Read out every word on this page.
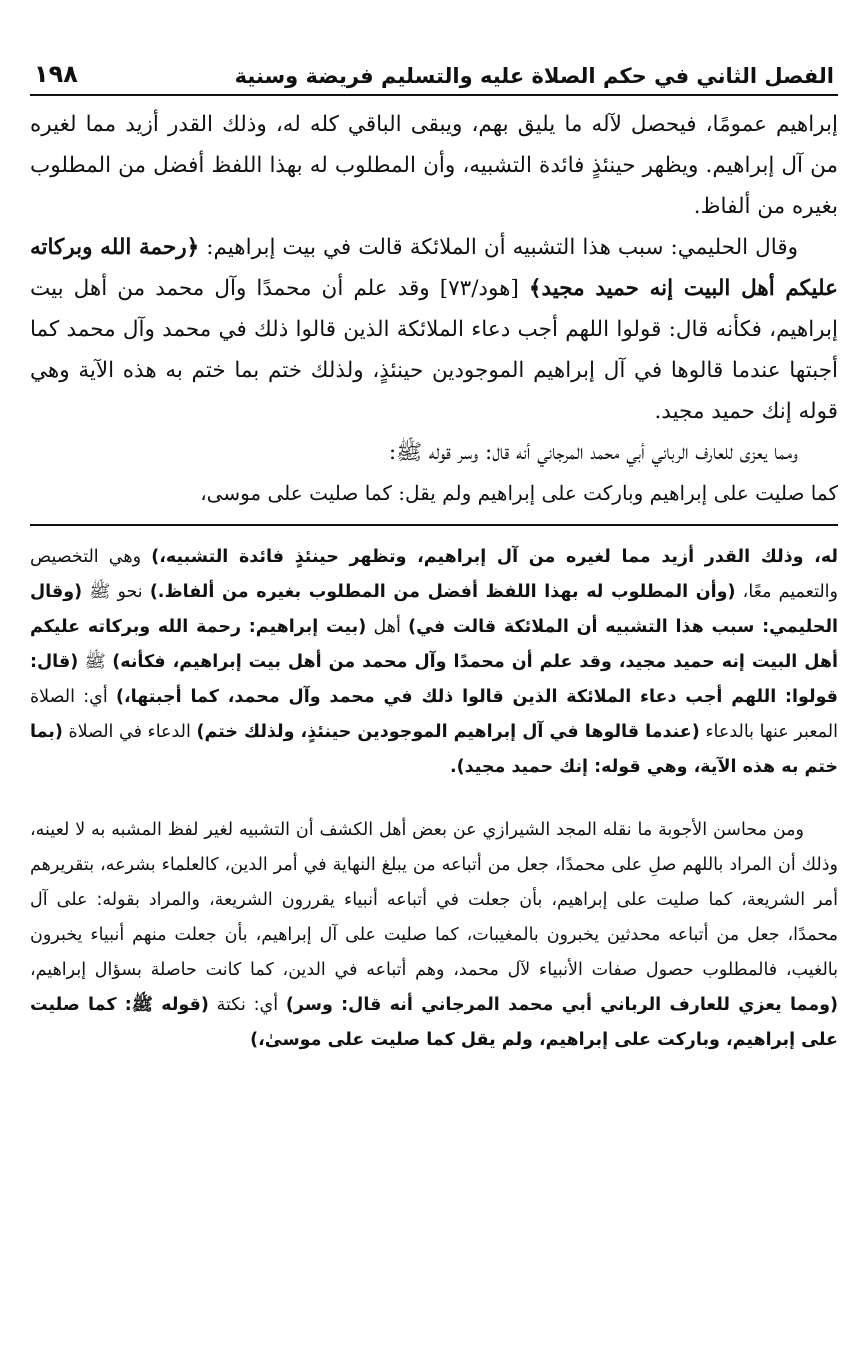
الفصل الثاني في حكم الصلاة عليه والتسليم فريضة وسنية
١٩٨

إبراهيم عمومًا، فيحصل لآله ما يليق بهم، ويبقى الباقي كله له، وذلك القدر أزيد مما لغيره من آل إبراهيم. ويظهر حينئذٍ فائدة التشبيه، وأن المطلوب له بهذا اللفظ أفضل من المطلوب بغيره من ألفاظ.

وقال الحليمي: سبب هذا التشبيه أن الملائكة قالت في بيت إبراهيم: ﴿رحمة الله وبركاته عليكم أهل البيت إنه حميد مجيد﴾ [هود/٧٣] وقد علم أن محمدًا وآل محمد من أهل بيت إبراهيم، فكأنه قال: قولوا اللهم أجب دعاء الملائكة الذين قالوا ذلك في محمد وآل محمد كما أجبتها عندما قالوها في آل إبراهيم الموجودين حينئذٍ، ولذلك ختم بما ختم به هذه الآية وهي قوله إنك حميد مجيد.

ومما يعزى للعارف الرباني أبي محمد المرجاني أنه قال: وسر قوله ﷺ:

كما صليت على إبراهيم وباركت على إبراهيم ولم يقل: كما صليت على موسى،

له، وذلك القدر أزيد مما لغيره من آل إبراهيم، وتظهر حينئذٍ فائدة التشبيه،) وهي التخصيص والتعميم معًا، (وأن المطلوب له بهذا اللفظ أفضل من المطلوب بغيره من ألفاظ.) نحو ﷺ (وقال الحليمي: سبب هذا التشبيه أن الملائكة قالت في) أهل (بيت إبراهيم: رحمة الله وبركاته عليكم أهل البيت إنه حميد مجيد، وقد علم أن محمدًا وآل محمد من أهل بيت إبراهيم، فكأنه) ﷺ (قال: قولوا: اللهم أجب دعاء الملائكة الذين قالوا ذلك في محمد وآل محمد، كما أجبتها،) أي: الصلاة المعبر عنها بالدعاء (عندما قالوها في آل إبراهيم الموجودين حينئذٍ، ولذلك ختم) الدعاء في الصلاة (بما ختم به هذه الآية، وهي قوله: إنك حميد مجيد).

ومن محاسن الأجوبة ما نقله المجد الشيرازي عن بعض أهل الكشف أن التشبيه لغير لفظ المشبه به لا لعينه، وذلك أن المراد باللهم صلِ على محمدًا، جعل من أتباعه من يبلغ النهاية في أمر الدين، كالعلماء بشرعه، بتقريرهم أمر الشريعة، كما صليت على إبراهيم، بأن جعلت في أتباعه أنبياء يقررون الشريعة، والمراد بقوله: على آل محمدًا، جعل من أتباعه محدثين يخبرون بالمغيبات، كما صليت على آل إبراهيم، بأن جعلت منهم أنبياء يخبرون بالغيب، فالمطلوب حصول صفات الأنبياء لآل محمد، وهم أتباعه في الدين، كما كانت حاصلة بسؤال إبراهيم، (ومما يعزي للعارف الرباني أبي محمد المرجاني أنه قال: وسر) أي: نكتة (قوله ﷺ: كما صليت على إبراهيم، وباركت على إبراهيم، ولم يقل كما صليت على موسىٰ،)
